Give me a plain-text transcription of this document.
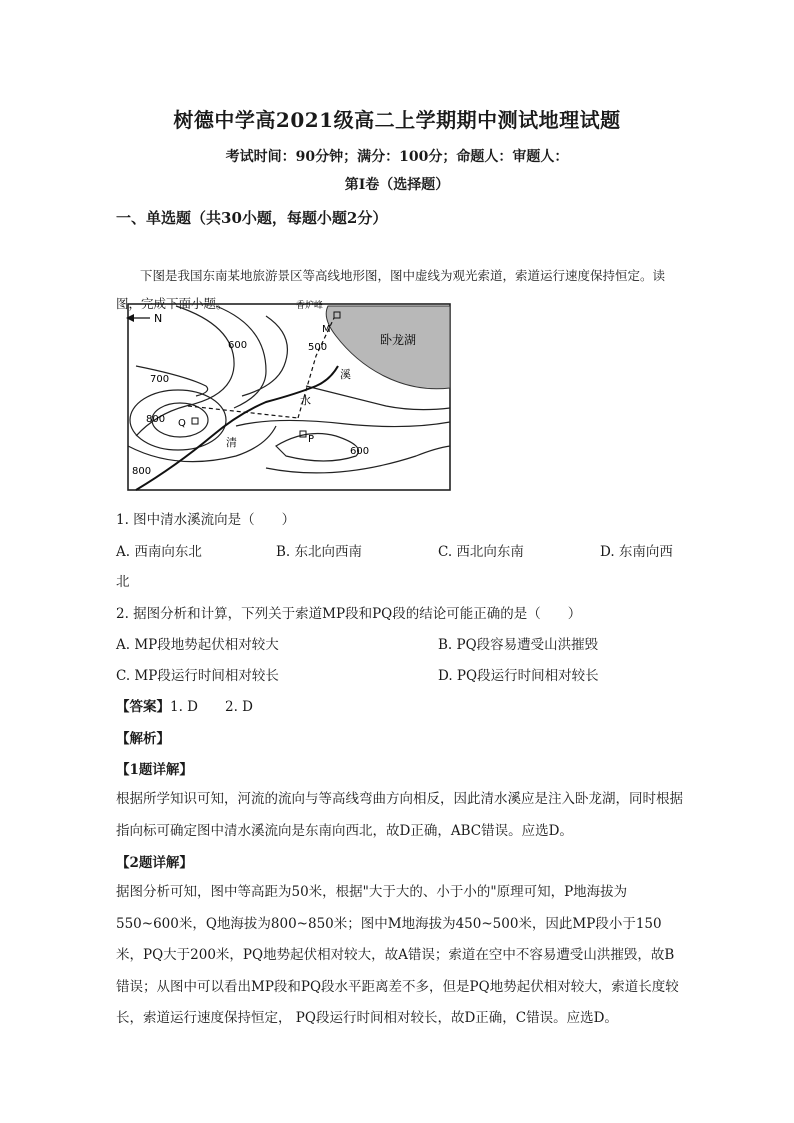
树德中学高2021级高二上学期期中测试地理试题
考试时间：90分钟；满分：100分；命题人：审题人：
第Ⅰ卷（选择题）
一、单选题（共30小题，每题小题2分）
下图是我国东南某地旅游景区等高线地形图，图中虚线为观光索道，索道运行速度保持恒定。读图，完成下面小题。
N
香炉峰
卧龙湖
M
P
Q
溪
水
清
600	500
700
800
600
800
1. 图中清水溪流向是（　　）
A. 西南向东北	B. 东北向西南	C. 西北向东南	D. 东南向西
北
2. 据图分析和计算，下列关于索道MP段和PQ段的结论可能正确的是（　　）
A. MP段地势起伏相对较大	B. PQ段容易遭受山洪摧毁
C. MP段运行时间相对较长	D. PQ段运行时间相对较长
【答案】1. D　　2. D
【解析】
【1题详解】
根据所学知识可知，河流的流向与等高线弯曲方向相反，因此清水溪应是注入卧龙湖，同时根据指向标可确定图中清水溪流向是东南向西北，故D正确，ABC错误。应选D。
【2题详解】
据图分析可知，图中等高距为50米，根据"大于大的、小于小的"原理可知，P地海拔为550~600米，Q地海拔为800~850米；图中M地海拔为450~500米，因此MP段小于150米，PQ大于200米，PQ地势起伏相对较大，故A错误；索道在空中不容易遭受山洪摧毁，故B错误；从图中可以看出MP段和PQ段水平距离差不多，但是PQ地势起伏相对较大，索道长度较长，索道运行速度保持恒定， PQ段运行时间相对较长，故D正确，C错误。应选D。
